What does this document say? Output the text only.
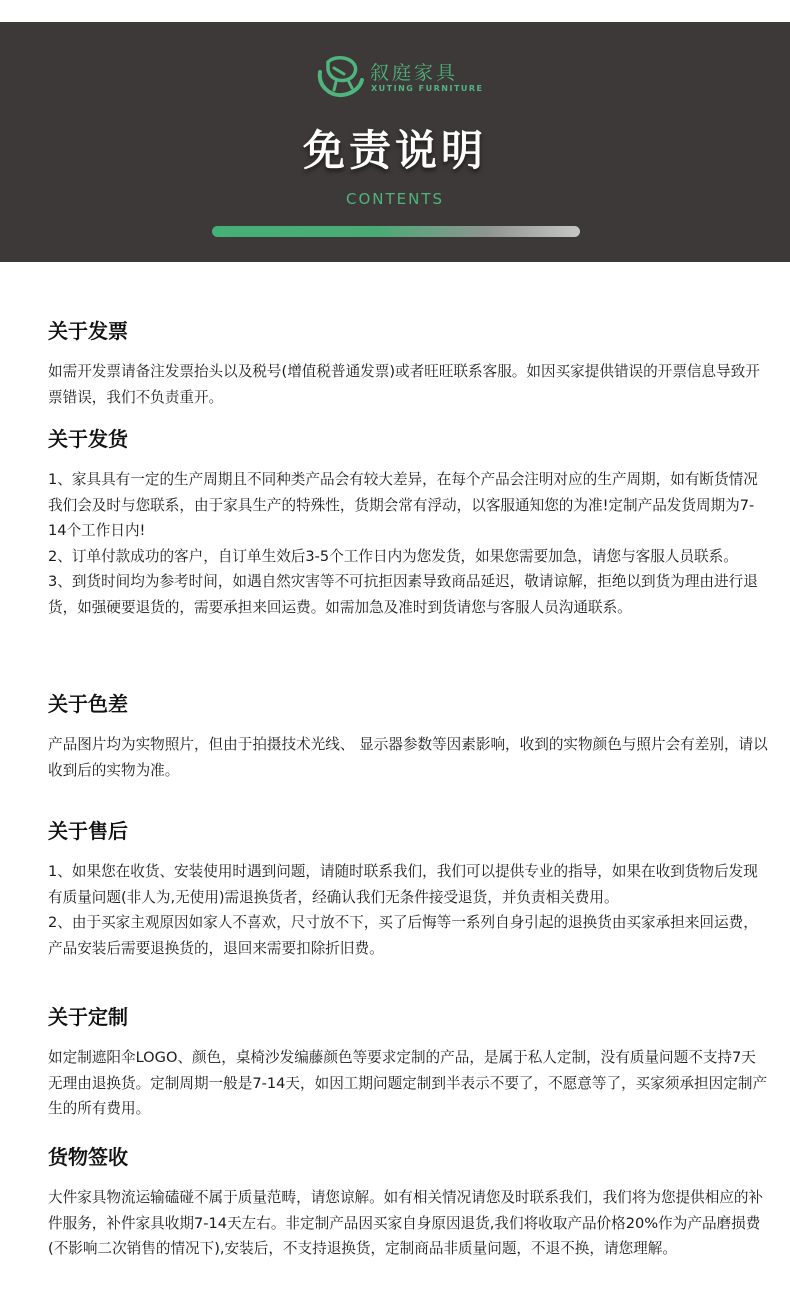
叙庭家具
XUTING FURNITURE
免责说明
CONTENTS
关于发票

如需开发票请备注发票抬头以及税号(增值税普通发票)或者旺旺联系客服。如因买家提供错误的开票信息导致开票错误，我们不负责重开。

关于发货

1、家具具有一定的生产周期且不同种类产品会有较大差异，在每个产品会注明对应的生产周期，如有断货情况我们会及时与您联系，由于家具生产的特殊性，货期会常有浮动，以客服通知您的为准!定制产品发货周期为7-14个工作日内!

2、订单付款成功的客户，自订单生效后3-5个工作日内为您发货，如果您需要加急，请您与客服人员联系。

3、到货时间均为参考时间，如遇自然灾害等不可抗拒因素导致商品延迟，敬请谅解，拒绝以到货为理由进行退货，如强硬要退货的，需要承担来回运费。如需加急及准时到货请您与客服人员沟通联系。

关于色差

产品图片均为实物照片，但由于拍摄技术光线、 显示器参数等因素影响，收到的实物颜色与照片会有差别，请以收到后的实物为准。

关于售后

1、如果您在收货、安装使用时遇到问题，请随时联系我们，我们可以提供专业的指导，如果在收到货物后发现有质量问题(非人为,无使用)需退换货者，经确认我们无条件接受退货，并负责相关费用。

2、由于买家主观原因如家人不喜欢，尺寸放不下，买了后悔等一系列自身引起的退换货由买家承担来回运费，产品安装后需要退换货的，退回来需要扣除折旧费。

关于定制

如定制遮阳伞LOGO、颜色，桌椅沙发编藤颜色等要求定制的产品，是属于私人定制，没有质量问题不支持7天无理由退换货。定制周期一般是7-14天，如因工期问题定制到半表示不要了，不愿意等了，买家须承担因定制产生的所有费用。

货物签收

大件家具物流运输磕碰不属于质量范畴，请您谅解。如有相关情况请您及时联系我们，我们将为您提供相应的补件服务，补件家具收期7-14天左右。非定制产品因买家自身原因退货,我们将收取产品价格20%作为产品磨损费(不影响二次销售的情况下),安装后，不支持退换货，定制商品非质量问题，不退不换，请您理解。
